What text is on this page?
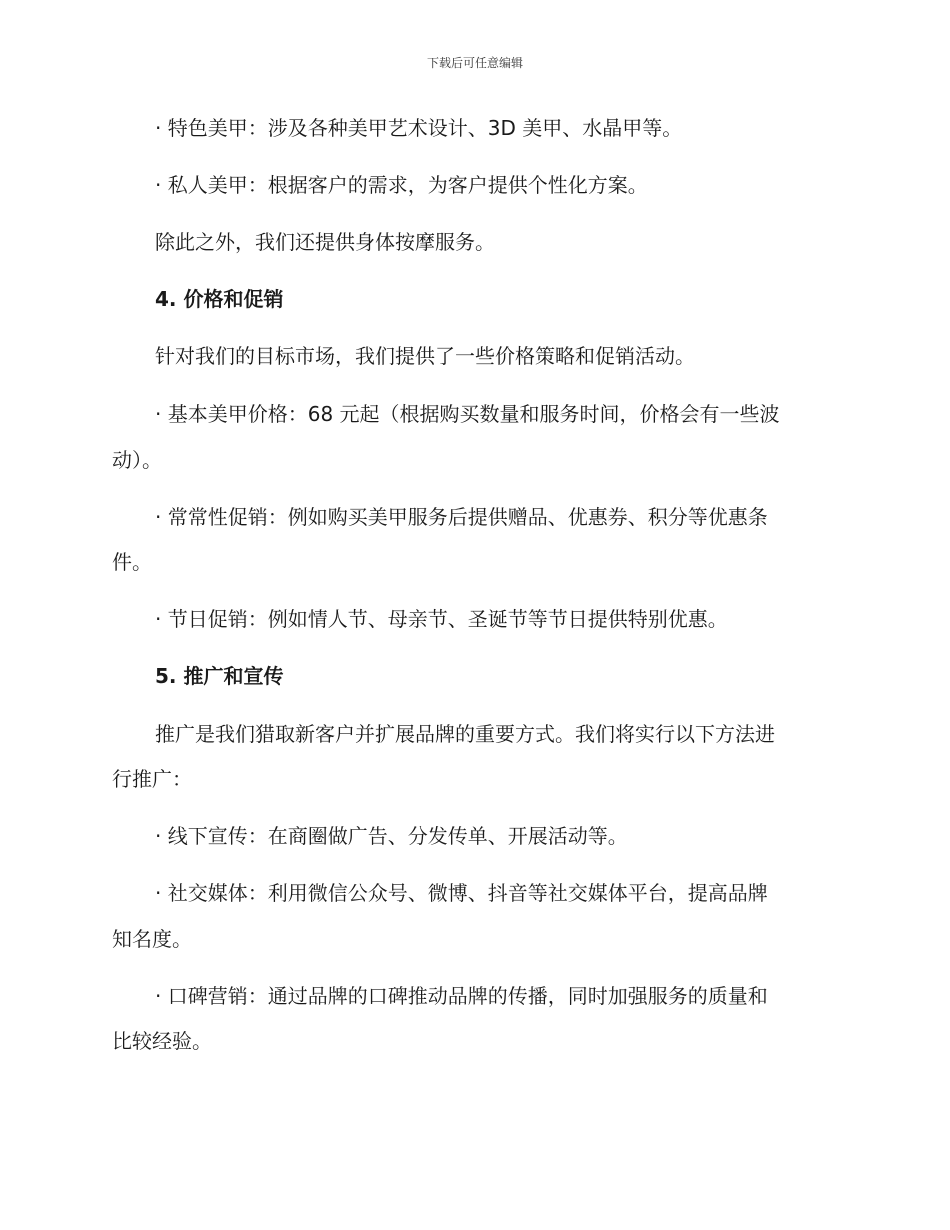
下载后可任意编辑
· 特色美甲：涉及各种美甲艺术设计、3D 美甲、水晶甲等。
· 私人美甲：根据客户的需求，为客户提供个性化方案。
除此之外，我们还提供身体按摩服务。
4. 价格和促销
针对我们的目标市场，我们提供了一些价格策略和促销活动。
· 基本美甲价格：68 元起（根据购买数量和服务时间，价格会有一些波
动）。
· 常常性促销：例如购买美甲服务后提供赠品、优惠券、积分等优惠条
件。
· 节日促销：例如情人节、母亲节、圣诞节等节日提供特别优惠。
5. 推广和宣传
推广是我们猎取新客户并扩展品牌的重要方式。我们将实行以下方法进
行推广：
· 线下宣传：在商圈做广告、分发传单、开展活动等。
· 社交媒体：利用微信公众号、微博、抖音等社交媒体平台，提高品牌
知名度。
· 口碑营销：通过品牌的口碑推动品牌的传播，同时加强服务的质量和
比较经验。
